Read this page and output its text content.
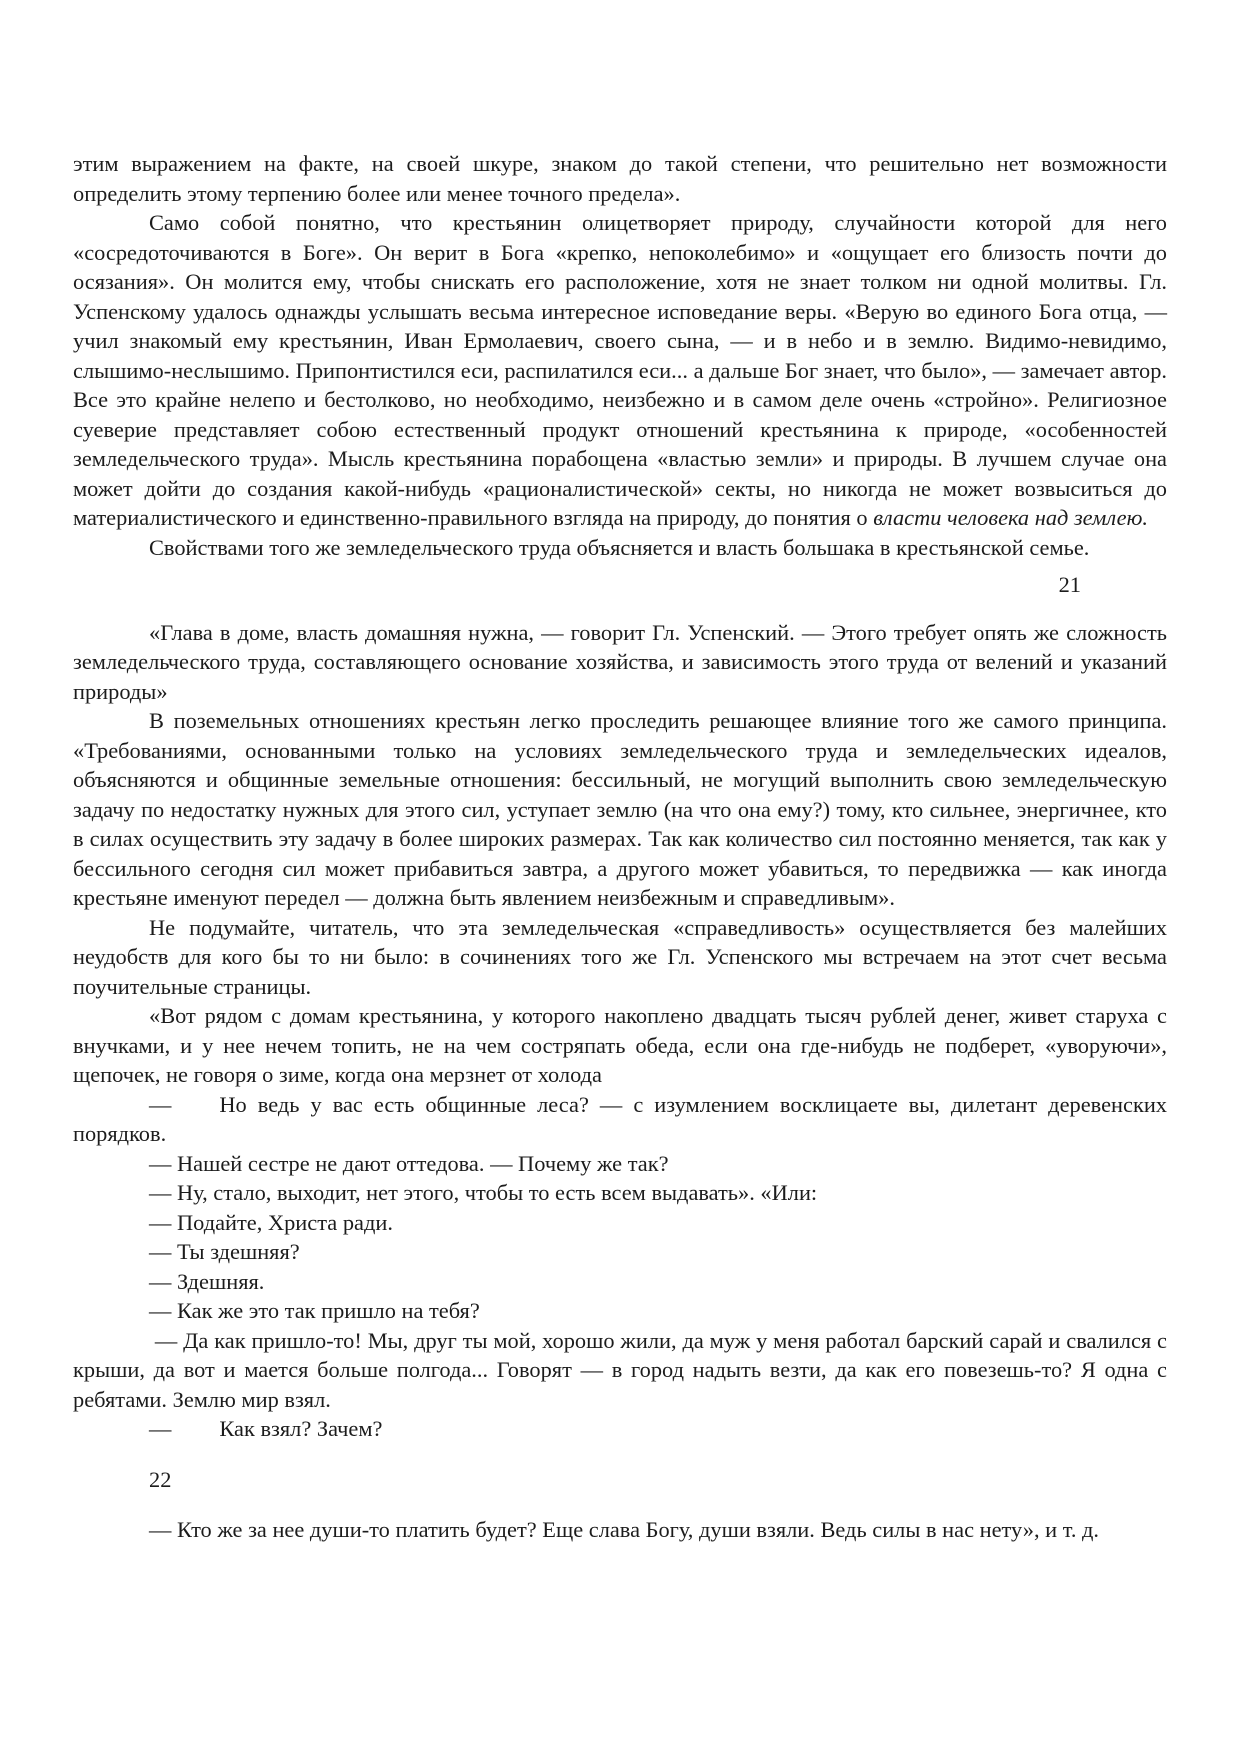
этим выражением на факте, на своей шкуре, знаком до такой степени, что решительно нет возможности определить этому терпению более или менее точного предела».

Само собой понятно, что крестьянин олицетворяет природу, случайности которой для него «сосредоточиваются в Боге». Он верит в Бога «крепко, непоколебимо» и «ощущает его близость почти до осязания». Он молится ему, чтобы снискать его расположение, хотя не знает толком ни одной молитвы. Гл. Успенскому удалось однажды услышать весьма интересное исповедание веры. «Верую во единого Бога отца, — учил знакомый ему крестьянин, Иван Ермолаевич, своего сына, — и в небо и в землю. Видимо-невидимо, слышимо-неслышимо. Припонтистился еси, распилатился еси... а дальше Бог знает, что было», — замечает автор. Все это крайне нелепо и бестолково, но необходимо, неизбежно и в самом деле очень «стройно». Религиозное суеверие представляет собою естественный продукт отношений крестьянина к природе, «особенностей земледельческого труда». Мысль крестьянина порабощена «властью земли» и природы. В лучшем случае она может дойти до создания какой-нибудь «рационалистической» секты, но никогда не может возвыситься до материалистического и единственно-правильного взгляда на природу, до понятия о власти человека над землею.

Свойствами того же земледельческого труда объясняется и власть большака в крестьянской семье.

21

«Глава в доме, власть домашняя нужна, — говорит Гл. Успенский. — Этого требует опять же сложность земледельческого труда, составляющего основание хозяйства, и зависимость этого труда от велений и указаний природы»

В поземельных отношениях крестьян легко проследить решающее влияние того же самого принципа. «Требованиями, основанными только на условиях земледельческого труда и земледельческих идеалов, объясняются и общинные земельные отношения: бессильный, не могущий выполнить свою земледельческую задачу по недостатку нужных для этого сил, уступает землю (на что она ему?) тому, кто сильнее, энергичнее, кто в силах осуществить эту задачу в более широких размерах. Так как количество сил постоянно меняется, так как у бессильного сегодня сил может прибавиться завтра, а другого может убавиться, то передвижка — как иногда крестьяне именуют передел — должна быть явлением неизбежным и справедливым».

Не подумайте, читатель, что эта земледельческая «справедливость» осуществляется без малейших неудобств для кого бы то ни было: в сочинениях того же Гл. Успенского мы встречаем на этот счет весьма поучительные страницы.

«Вот рядом с домам крестьянина, у которого накоплено двадцать тысяч рублей денег, живет старуха с внучками, и у нее нечем топить, не на чем состряпать обеда, если она где-нибудь не подберет, «уворуючи», щепочек, не говоря о зиме, когда она мерзнет от холода

— Но ведь у вас есть общинные леса? — с изумлением восклицаете вы, дилетант деревенских порядков.

— Нашей сестре не дают оттедова. — Почему же так?

— Ну, стало, выходит, нет этого, чтобы то есть всем выдавать». «Или:

— Подайте, Христа ради.

— Ты здешняя?

— Здешняя.

— Как же это так пришло на тебя?

— Да как пришло-то! Мы, друг ты мой, хорошо жили, да муж у меня работал барский сарай и свалился с крыши, да вот и мается больше полгода... Говорят — в город надыть везти, да как его повезешь-то? Я одна с ребятами. Землю мир взял.

— Как взял? Зачем?

22

— Кто же за нее души-то платить будет? Еще слава Богу, души взяли. Ведь силы в нас нету», и т. д.
